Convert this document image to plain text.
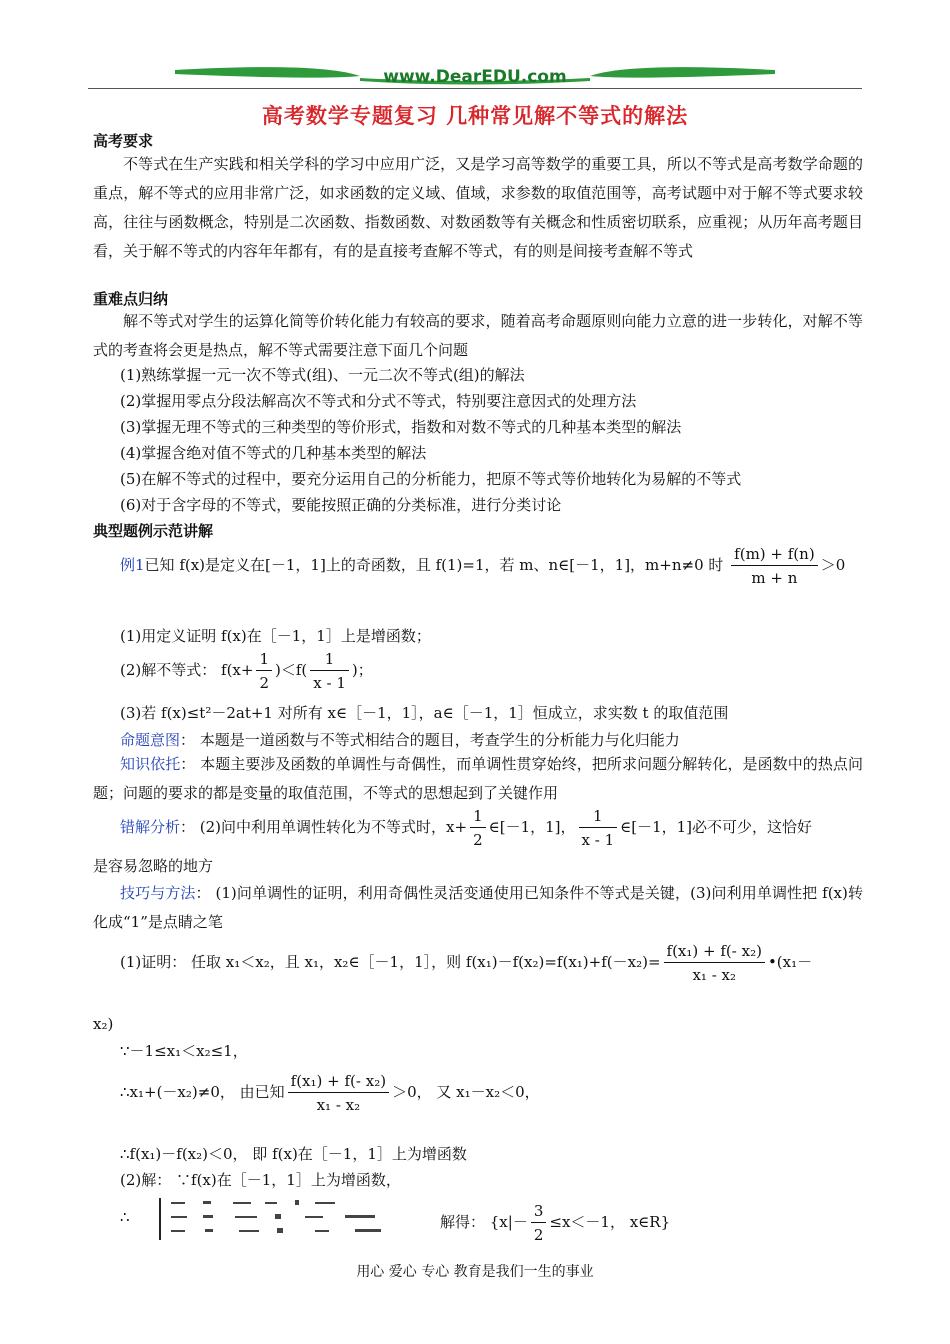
www.DearEDU.com
高考数学专题复习 几种常见解不等式的解法
高考要求
不等式在生产实践和相关学科的学习中应用广泛，又是学习高等数学的重要工具，所以不等式是高考数学命题的重点，解不等式的应用非常广泛，如求函数的定义域、值域，求参数的取值范围等，高考试题中对于解不等式要求较高，往往与函数概念，特别是二次函数、指数函数、对数函数等有关概念和性质密切联系，应重视；从历年高考题目看，关于解不等式的内容年年都有，有的是直接考查解不等式，有的则是间接考查解不等式
重难点归纳
解不等式对学生的运算化简等价转化能力有较高的要求，随着高考命题原则向能力立意的进一步转化，对解不等式的考查将会更是热点，解不等式需要注意下面几个问题
(1)熟练掌握一元一次不等式(组)、一元二次不等式(组)的解法
(2)掌握用零点分段法解高次不等式和分式不等式，特别要注意因式的处理方法
(3)掌握无理不等式的三种类型的等价形式，指数和对数不等式的几种基本类型的解法
(4)掌握含绝对值不等式的几种基本类型的解法
(5)在解不等式的过程中，要充分运用自己的分析能力，把原不等式等价地转化为易解的不等式
(6)对于含字母的不等式，要能按照正确的分类标准，进行分类讨论
典型题例示范讲解
例1已知 f(x)是定义在[－1，1]上的奇函数，且 f(1)=1，若 m、n∈[－1，1]，m+n≠0 时 $\frac{f(m) + f(n)}{m + n} >0$
(1)用定义证明 f(x)在［－1，1］上是增函数；
(2)解不等式： $f(x+ \frac{1}{2} )<f( \frac{1}{x - 1}$ )；
(3)若 f(x)≤t²－2at+1 对所有 x∈［－1，1］，a∈［－1，1］恒成立，求实数 t 的取值范围
命题意图： 本题是一道函数与不等式相结合的题目，考查学生的分析能力与化归能力
知识依托： 本题主要涉及函数的单调性与奇偶性，而单调性贯穿始终，把所求问题分解转化，是函数中的热点问题；问题的要求的都是变量的取值范围，不等式的思想起到了关键作用
错解分析： (2)问中利用单调性转化为不等式时，$x+ \frac{1}{2}$ ∈[－1，1]， $\frac{1}{x - 1}$ ∈[－1，1]必不可少，这恰好
是容易忽略的地方
技巧与方法： (1)问单调性的证明，利用奇偶性灵活变通使用已知条件不等式是关键，(3)问利用单调性把 f(x)转化成“1”是点睛之笔
(1)证明： 任取 x₁＜x₂，且 x₁，x₂∈［－1，1］，则 $f(x_1)-f(x_2)=f(x_1)+f(-x_2)= \frac{\text{f(x₁) + f(- x₂)}}{\text{x₁ - x₂}}$ •(x₁－
x₂)
∵－1≤x₁＜x₂≤1，
∴x₁+(－x₂)≠0， 由已知 $\frac{\text{f(x₁) + f(- x₂)}}{\text{x₁ - x₂}} >0$， 又 x₁－x₂＜0，
∴f(x₁)－f(x₂)＜0， 即 f(x)在［－1，1］上为增函数
(2)解： ∵f(x)在［－1，1］上为增函数，
∴	解得： {$x|- \frac{3}{2} \le x<-1$， x∈R}
用心 爱心 专心 教育是我们一生的事业
